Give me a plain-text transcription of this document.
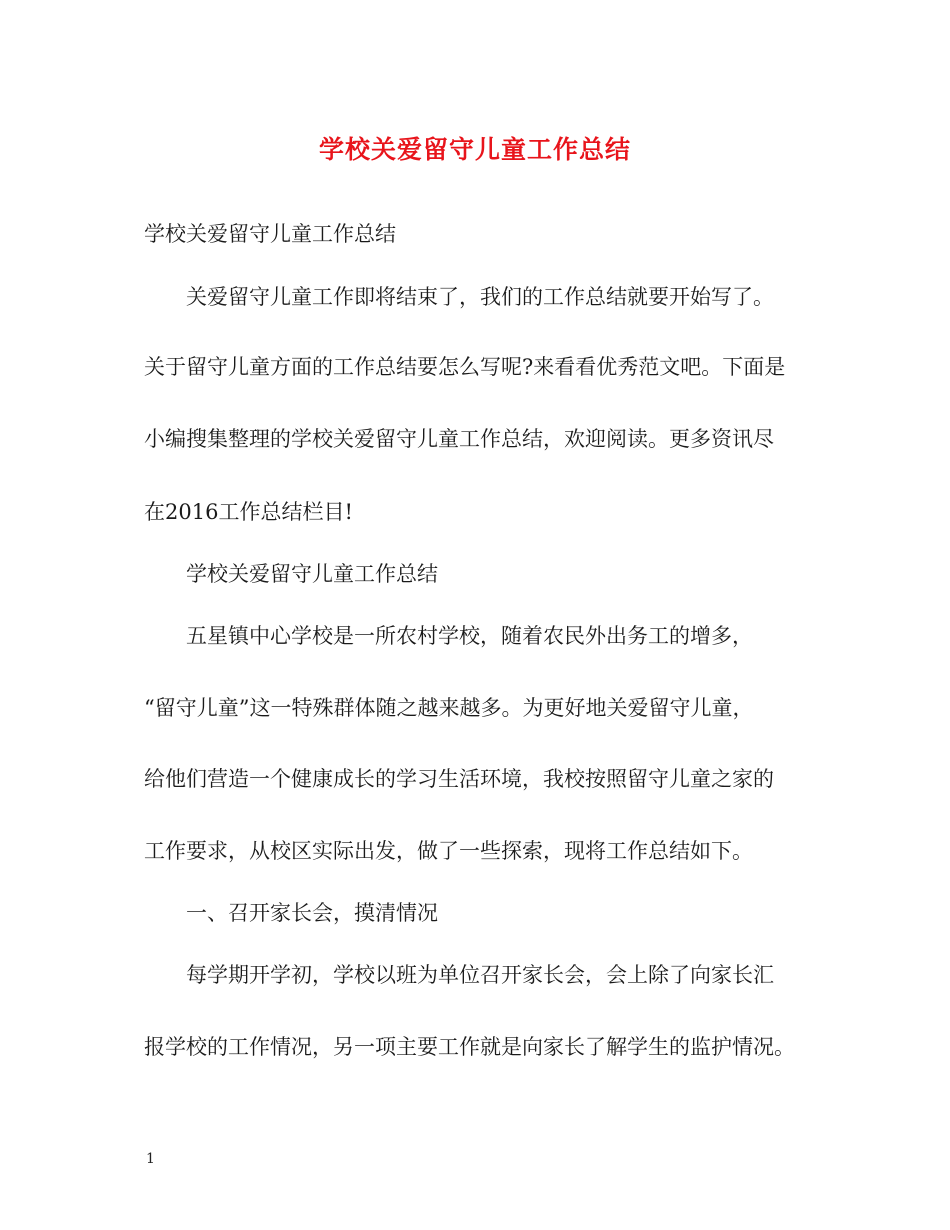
学校关爱留守儿童工作总结
学校关爱留守儿童工作总结
关爱留守儿童工作即将结束了，我们的工作总结就要开始写了。
关于留守儿童方面的工作总结要怎么写呢?来看看优秀范文吧。下面是
小编搜集整理的学校关爱留守儿童工作总结，欢迎阅读。更多资讯尽
在2016工作总结栏目!
学校关爱留守儿童工作总结
五星镇中心学校是一所农村学校，随着农民外出务工的增多，
“留守儿童”这一特殊群体随之越来越多。为更好地关爱留守儿童，
给他们营造一个健康成长的学习生活环境，我校按照留守儿童之家的
工作要求，从校区实际出发，做了一些探索，现将工作总结如下。
一、召开家长会，摸清情况
每学期开学初，学校以班为单位召开家长会，会上除了向家长汇
报学校的工作情况，另一项主要工作就是向家长了解学生的监护情况。
1
